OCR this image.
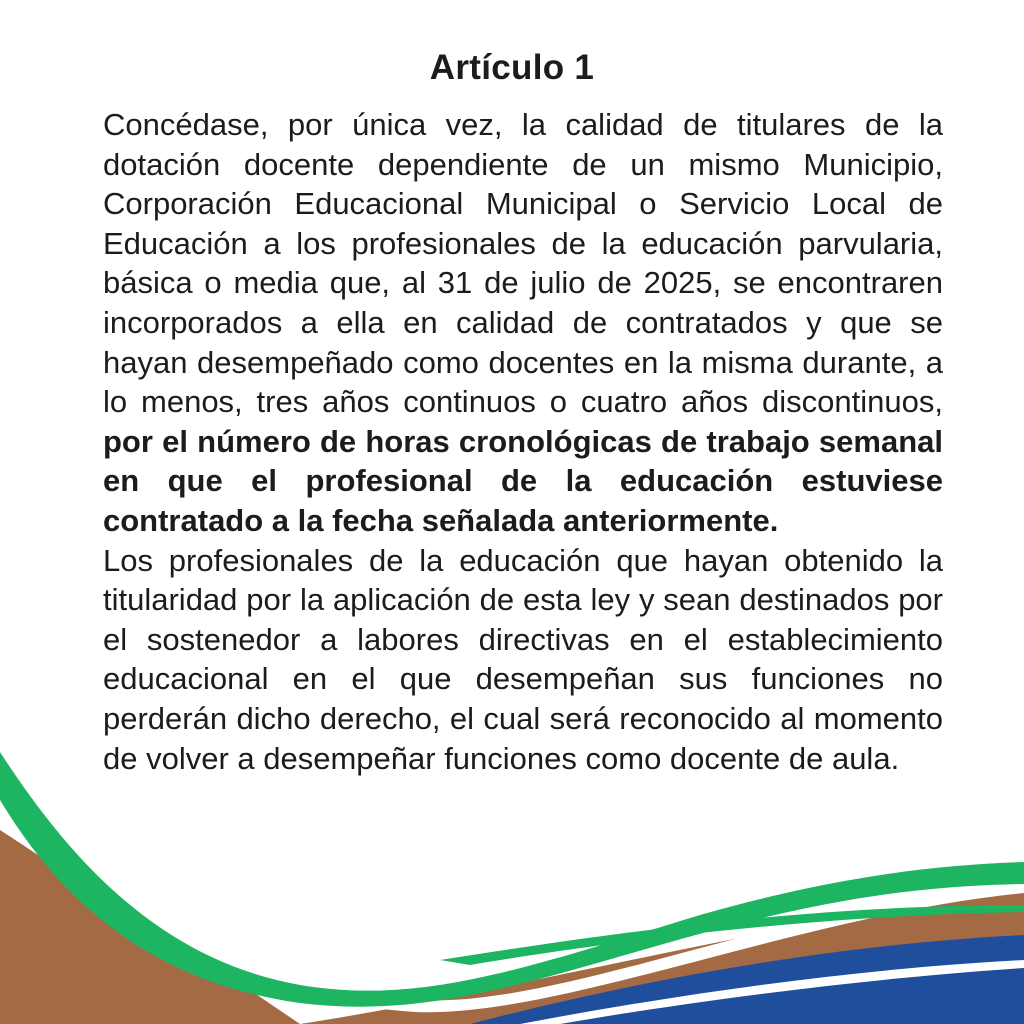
Artículo 1

Concédase, por única vez, la calidad de titulares de la dotación docente dependiente de un mismo Municipio, Corporación Educacional Municipal o Servicio Local de Educación a los profesionales de la educación parvularia, básica o media que, al 31 de julio de 2025, se encontraren incorporados a ella en calidad de contratados y que se hayan desempeñado como docentes en la misma durante, a lo menos, tres años continuos o cuatro años discontinuos, por el número de horas cronológicas de trabajo semanal en que el profesional de la educación estuviese contratado a la fecha señalada anteriormente.

Los profesionales de la educación que hayan obtenido la titularidad por la aplicación de esta ley y sean destinados por el sostenedor a labores directivas en el establecimiento educacional en el que desempeñan sus funciones no perderán dicho derecho, el cual será reconocido al momento de volver a desempeñar funciones como docente de aula.
